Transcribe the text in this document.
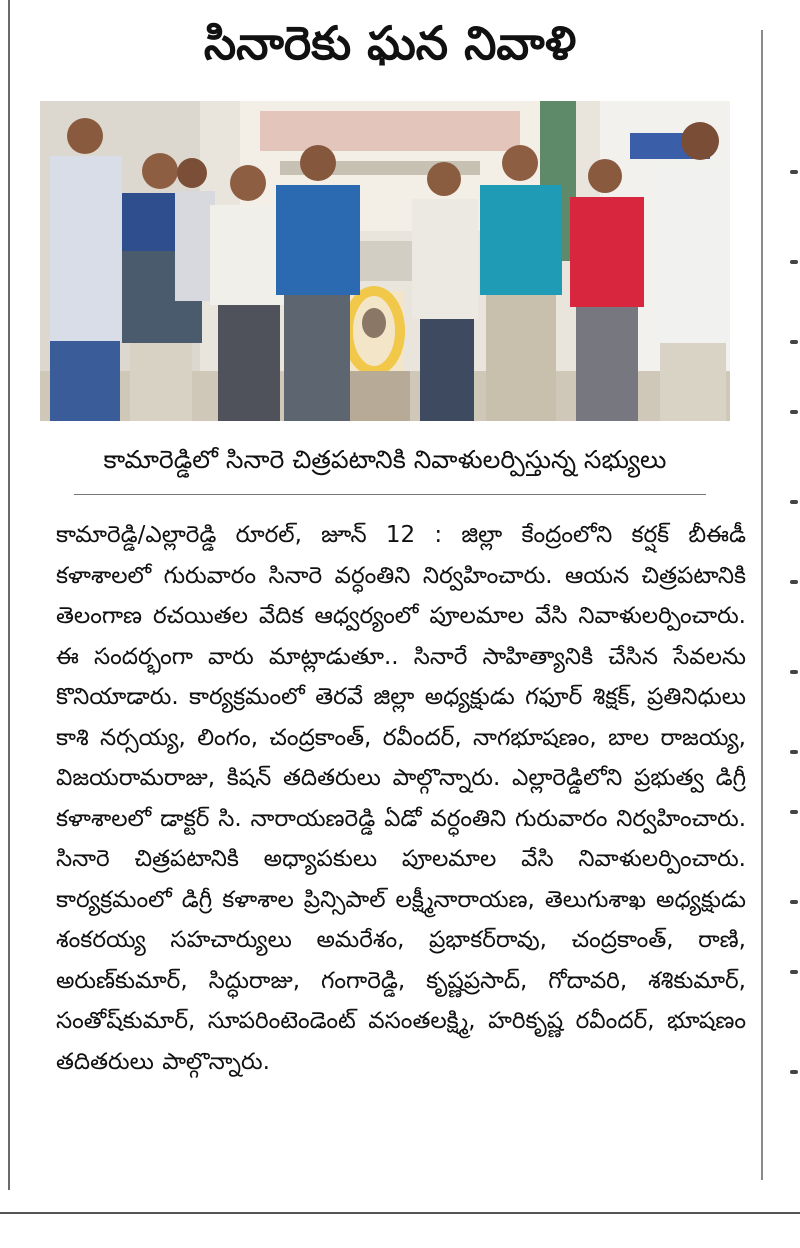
సినారెకు ఘన నివాళి
కామారెడ్డిలో సినారె చిత్రపటానికి నివాళులర్పిస్తున్న సభ్యులు
కామారెడ్డి/ఎల్లారెడ్డి రూరల్, జూన్ 12 : జిల్లా కేంద్రంలోని కర్షక్ బీఈడీ కళాశాలలో గురువారం సినారె వర్ధంతిని నిర్వహించారు. ఆయన చిత్రపటానికి తెలంగాణ రచయితల వేదిక ఆధ్వర్యంలో పూలమాల వేసి నివాళులర్పించారు. ఈ సందర్భంగా వారు మాట్లాడుతూ.. సినారే సాహిత్యానికి చేసిన సేవలను కొనియాడారు. కార్యక్రమంలో తెరవే జిల్లా అధ్యక్షుడు గఫూర్ శిక్షక్, ప్రతినిధులు కాశి నర్సయ్య, లింగం, చంద్రకాంత్, రవీందర్, నాగభూషణం, బాల రాజయ్య, విజయరామరాజు, కిషన్ తదితరులు పాల్గొన్నారు. ఎల్లారెడ్డిలోని ప్రభుత్వ డిగ్రీ కళాశాలలో డాక్టర్ సి. నారాయణరెడ్డి ఏడో వర్ధంతిని గురువారం నిర్వహించారు. సినారె చిత్రపటానికి అధ్యాపకులు పూలమాల వేసి నివాళులర్పించారు. కార్యక్రమంలో డిగ్రీ కళాశాల ప్రిన్సిపాల్ లక్ష్మీనారాయణ, తెలుగుశాఖ అధ్యక్షుడు శంకరయ్య సహచార్యులు అమరేశం, ప్రభాకర్‌రావు, చంద్రకాంత్, రాణి, అరుణ్‌కుమార్, సిద్ధురాజు, గంగారెడ్డి, కృష్ణప్రసాద్, గోదావరి, శశికుమార్, సంతోష్‌కుమార్, సూపరింటెండెంట్ వసంతలక్ష్మి, హరికృష్ణ రవీందర్, భూషణం తదితరులు పాల్గొన్నారు.
